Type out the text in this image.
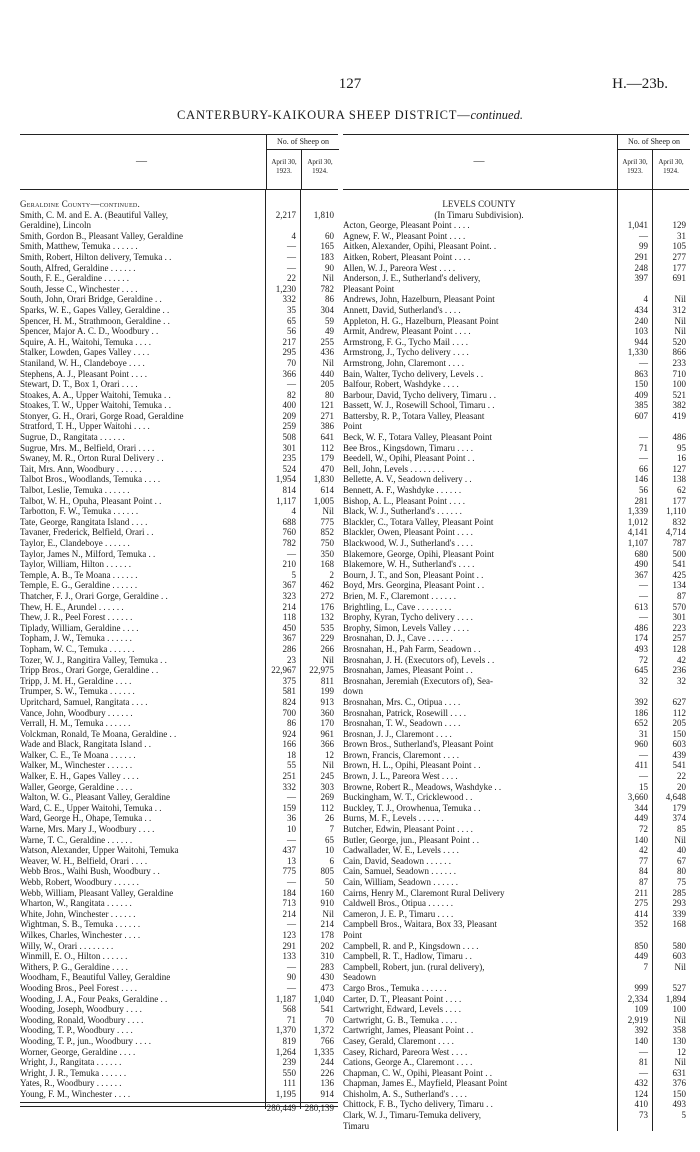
127	H.—23b.
CANTERBURY-KAIKOURA SHEEP DISTRICT—continued.
—
No. of Sheep on
April 30,
1923.
April 30,
1924.
Geraldine County—continued.
Smith, C. M. and E. A. (Beautiful Valley,	2,217	1,810
Geraldine), Lincoln
Smith, Gordon B., Pleasant Valley, Geraldine	4	60
Smith, Matthew, Temuka . . . . . .	—	165
Smith, Robert, Hilton delivery, Temuka . .	—	183
South, Alfred, Geraldine . . . . . .	—	90
South, F. E., Geraldine . . . . . .	22	Nil
South, Jesse C., Winchester . . . .	1,230	782
South, John, Orari Bridge, Geraldine . .	332	86
Sparks, W. E., Gapes Valley, Geraldine . .	35	304
Spencer, H. M., Strathmoon, Geraldine . .	65	59
Spencer, Major A. C. D., Woodbury . .	56	49
Squire, A. H., Waitohi, Temuka . . . .	217	255
Stalker, Lowden, Gapes Valley . . . .	295	436
Staniland, W. H., Clandeboye . . . .	70	Nil
Stephens, A. J., Pleasant Point . . . .	366	440
Stewart, D. T., Box 1, Orari . . . .	—	205
Stoakes, A. A., Upper Waitohi, Temuka . .	82	80
Stoakes, T. W., Upper Waitohi, Temuka . .	400	121
Stonyer, G. H., Orari, Gorge Road, Geraldine	209	271
Stratford, T. H., Upper Waitohi . . . .	259	386
Sugrue, D., Rangitata . . . . . .	508	641
Sugrue, Mrs. M., Belfield, Orari . . . .	301	112
Swaney, M. R., Orton Rural Delivery . .	235	179
Tait, Mrs. Ann, Woodbury . . . . . .	524	470
Talbot Bros., Woodlands, Temuka . . . .	1,954	1,830
Talbot, Leslie, Temuka . . . . . .	814	614
Talbot, W. H., Opuha, Pleasant Point . .	1,117	1,005
Tarbotton, F. W., Temuka . . . . . .	4	Nil
Tate, George, Rangitata Island . . . .	688	775
Tavaner, Frederick, Belfield, Orari . .	760	852
Taylor, E., Clandeboye . . . . . .	782	750
Taylor, James N., Milford, Temuka . .	—	350
Taylor, William, Hilton . . . . . .	210	168
Temple, A. B., Te Moana . . . . . .	5	2
Temple, E. G., Geraldine . . . . . .	367	462
Thatcher, F. J., Orari Gorge, Geraldine . .	323	272
Thew, H. E., Arundel . . . . . .	214	176
Thew, J. R., Peel Forest . . . . . .	118	132
Tiplady, William, Geraldine . . . .	450	535
Topham, J. W., Temuka . . . . . .	367	229
Topham, W. C., Temuka . . . . . .	286	266
Tozer, W. J., Rangitira Valley, Temuka . .	23	Nil
Tripp Bros., Orari Gorge, Geraldine . .	22,967	22,975
Tripp, J. M. H., Geraldine . . . .	375	811
Trumper, S. W., Temuka . . . . . .	581	199
Upritchard, Samuel, Rangitata . . . .	824	913
Vance, John, Woodbury . . . . . .	700	360
Verrall, H. M., Temuka . . . . . .	86	170
Volckman, Ronald, Te Moana, Geraldine . .	924	961
Wade and Black, Rangitata Island . .	166	366
Walker, C. E., Te Moana . . . . . .	18	12
Walker, M., Winchester . . . . . .	55	Nil
Walker, E. H., Gapes Valley . . . .	251	245
Waller, George, Geraldine . . . .	332	303
Walton, W. G., Pleasant Valley, Geraldine	—	269
Ward, C. E., Upper Waitohi, Temuka . .	159	112
Ward, George H., Ohape, Temuka . .	36	26
Warne, Mrs. Mary J., Woodbury . . . .	10	7
Warne, T. C., Geraldine . . . . . .	—	65
Watson, Alexander, Upper Waitohi, Temuka	437	10
Weaver, W. H., Belfield, Orari . . . .	13	6
Webb Bros., Waihi Bush, Woodbury . .	775	805
Webb, Robert, Woodbury . . . . . .	—	50
Webb, William, Pleasant Valley, Geraldine	184	160
Wharton, W., Rangitata . . . . . .	713	910
White, John, Winchester . . . . . .	214	Nil
Wightman, S. B., Temuka . . . . . .	—	214
Wilkes, Charles, Winchester . . . .	123	178
Willy, W., Orari . . . . . . . .	291	202
Winmill, E. O., Hilton . . . . . .	133	310
Withers, P. G., Geraldine . . . .	—	283
Woodham, F., Beautiful Valley, Geraldine	90	430
Wooding Bros., Peel Forest . . . .	—	473
Wooding, J. A., Four Peaks, Geraldine . .	1,187	1,040
Wooding, Joseph, Woodbury . . . .	568	541
Wooding, Ronald, Woodbury . . . .	71	70
Wooding, T. P., Woodbury . . . .	1,370	1,372
Wooding, T. P., jun., Woodbury . . . .	819	766
Worner, George, Geraldine . . . .	1,264	1,335
Wright, J., Rangitata . . . . . .	239	244
Wright, J. R., Temuka . . . . . .	550	226
Yates, R., Woodbury . . . . . .	111	136
Young, F. M., Winchester . . . .	1,195	914
280,449 280,139
—
No. of Sheep on
April 30,
1923.
April 30,
1924.
LEVELS COUNTY
(In Timaru Subdivision).
Acton, George, Pleasant Point . . . .	1,041	129
Agnew, F. W., Pleasant Point . . . .	—	31
Aitken, Alexander, Opihi, Pleasant Point. .	99	105
Aitken, Robert, Pleasant Point . . . .	291	277
Allen, W. J., Pareora West . . . .	248	177
Anderson, J. E., Sutherland's delivery,	397	691
Pleasant Point
Andrews, John, Hazelburn, Pleasant Point	4	Nil
Annett, David, Sutherland's . . . .	434	312
Appleton, H. G., Hazelburn, Pleasant Point	240	Nil
Armit, Andrew, Pleasant Point . . . .	103	Nil
Armstrong, F. G., Tycho Mail . . . .	944	520
Armstrong, J., Tycho delivery . . . .	1,330	866
Armstrong, John, Claremont . . . .	—	233
Bain, Walter, Tycho delivery, Levels . .	863	710
Balfour, Robert, Washdyke . . . .	150	100
Barbour, David, Tycho delivery, Timaru . .	409	521
Bassett, W. J., Rosewill School, Timaru . .	385	382
Battersby, R. P., Totara Valley, Pleasant	607	419
Point
Beck, W. F., Totara Valley, Pleasant Point	—	486
Bee Bros., Kingsdown, Timaru . . . .	71	95
Beedell, W., Opihi, Pleasant Point . .	—	16
Bell, John, Levels . . . . . . . .	66	127
Bellette, A. V., Seadown delivery . .	146	138
Bennett, A. F., Washdyke . . . . . .	56	62
Bishop, A. L., Pleasant Point . . . .	281	177
Black, W. J., Sutherland's . . . . . .	1,339	1,110
Blackler, C., Totara Valley, Pleasant Point	1,012	832
Blackler, Owen, Pleasant Point . . . .	4,141	4,714
Blackwood, W. J., Sutherland's . . . .	1,107	787
Blakemore, George, Opihi, Pleasant Point	680	500
Blakemore, W. H., Sutherland's . . . .	490	541
Bourn, J. T., and Son, Pleasant Point . .	367	425
Boyd, Mrs. Georgina, Pleasant Point . .	—	134
Brien, M. F., Claremont . . . . . .	—	87
Brightling, L., Cave . . . . . . . .	613	570
Brophy, Kyran, Tycho delivery . . . .	—	301
Brophy, Simon, Levels Valley . . . .	486	223
Brosnahan, D. J., Cave . . . . . .	174	257
Brosnahan, H., Pah Farm, Seadown . .	493	128
Brosnahan, J. H. (Executors of), Levels . .	72	42
Brosnahan, James, Pleasant Point . .	645	236
Brosnahan, Jeremiah (Executors of), Sea-	32	32
down
Brosnahan, Mrs. C., Otipua . . . .	392	627
Brosnahan, Patrick, Rosewill . . . .	186	112
Brosnahan, T. W., Seadown . . . .	652	205
Brosnan, J. J., Claremont . . . .	31	150
Brown Bros., Sutherland's, Pleasant Point	960	603
Brown, Francis, Claremont . . . .	—	439
Brown, H. L., Opihi, Pleasant Point . .	411	541
Brown, J. L., Pareora West . . . .	—	22
Browne, Robert R., Meadows, Washdyke . .	15	20
Buckingham, W. T., Cricklewood . .	3,660	4,648
Buckley, T. J., Orowhenua, Temuka . .	344	179
Burns, M. F., Levels . . . . . .	449	374
Butcher, Edwin, Pleasant Point . . . .	72	85
Butler, George, jun., Pleasant Point . .	140	Nil
Cadwallader, W. E., Levels . . . .	42	40
Cain, David, Seadown . . . . . .	77	67
Cain, Samuel, Seadown . . . . . .	84	80
Cain, William, Seadown . . . . . .	87	75
Cairns, Henry M., Claremont Rural Delivery	211	285
Caldwell Bros., Otipua . . . . . .	275	293
Cameron, J. E. P., Timaru . . . .	414	339
Campbell Bros., Waitara, Box 33, Pleasant	352	168
Point
Campbell, R. and P., Kingsdown . . . .	850	580
Campbell, R. T., Hadlow, Timaru . .	449	603
Campbell, Robert, jun. (rural delivery),	7	Nil
Seadown
Cargo Bros., Temuka . . . . . .	999	527
Carter, D. T., Pleasant Point . . . .	2,334	1,894
Cartwright, Edward, Levels . . . .	109	100
Cartwright, G. B., Temuka . . . .	2,919	Nil
Cartwright, James, Pleasant Point . .	392	358
Casey, Gerald, Claremont . . . .	140	130
Casey, Richard, Pareora West . . . .	—	12
Cations, George A., Claremont . . . .	81	Nil
Chapman, C. W., Opihi, Pleasant Point . .	—	631
Chapman, James E., Mayfield, Pleasant Point	432	376
Chisholm, A. S., Sutherland's . . . .	124	150
Chittock, F. B., Tycho delivery, Timaru . .	410	493
Clark, W. J., Timaru-Temuka delivery,	73	5
Timaru
